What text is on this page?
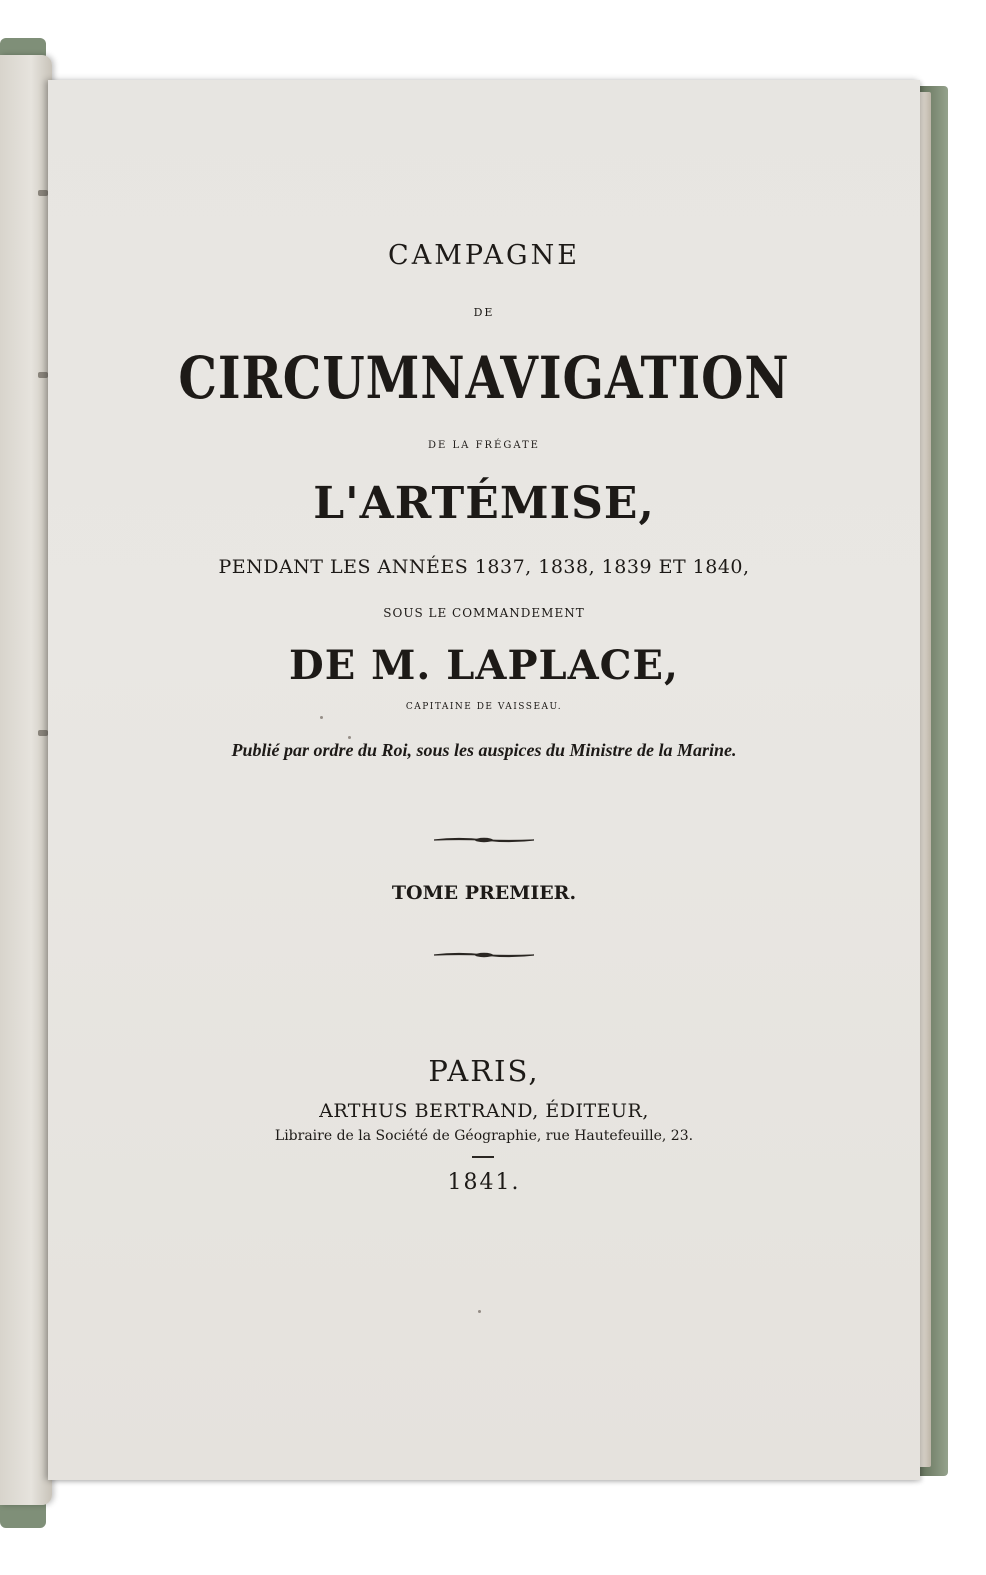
CAMPAGNE
DE
CIRCUMNAVIGATION
DE LA FRÉGATE
L'ARTÉMISE,
PENDANT LES ANNÉES 1837, 1838, 1839 ET 1840,
SOUS LE COMMANDEMENT
DE M. LAPLACE,
CAPITAINE DE VAISSEAU.
Publié par ordre du Roi, sous les auspices du Ministre de la Marine.
TOME PREMIER.
PARIS,
ARTHUS BERTRAND, ÉDITEUR,
Libraire de la Société de Géographie, rue Hautefeuille, 23.
1841.
